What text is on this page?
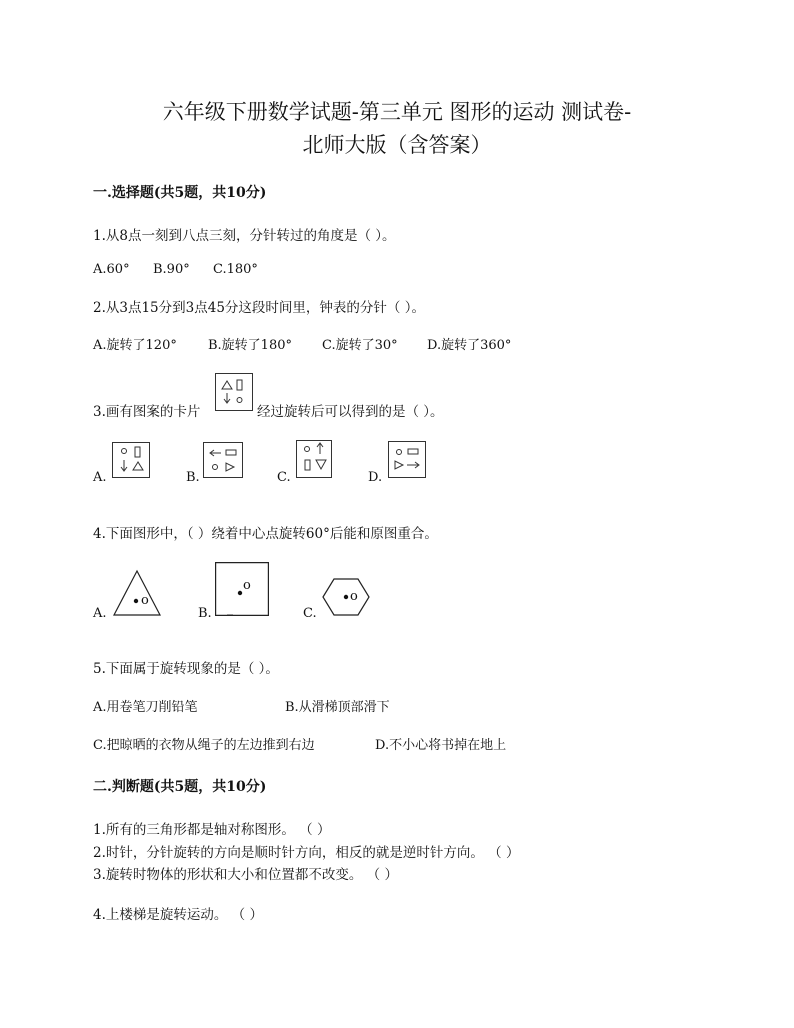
六年级下册数学试题-第三单元 图形的运动 测试卷-
北师大版（含答案）
一.选择题(共5题，共10分)
1.从8点一刻到八点三刻，分针转过的角度是（ ）。
A.60° B.90° C.180°
2.从3点15分到3点45分这段时间里，钟表的分针（ ）。
A.旋转了120° B.旋转了180° C.旋转了30° D.旋转了360°
3.画有图案的卡片	经过旋转后可以得到的是（ ）。
A.	B.	C.	D.
4.下面图形中，（ ）绕着中心点旋转60°后能和原图重合。
A.
o
B.
o
C.
o
5.下面属于旋转现象的是（ ）。
A.用卷笔刀削铅笔	B.从滑梯顶部滑下
C.把晾晒的衣物从绳子的左边推到右边	D.不小心将书掉在地上
二.判断题(共5题，共10分)
1.所有的三角形都是轴对称图形。 （ ）
2.时针，分针旋转的方向是顺时针方向，相反的就是逆时针方向。 （ ）
3.旋转时物体的形状和大小和位置都不改变。 （ ）
4.上楼梯是旋转运动。 （ ）
